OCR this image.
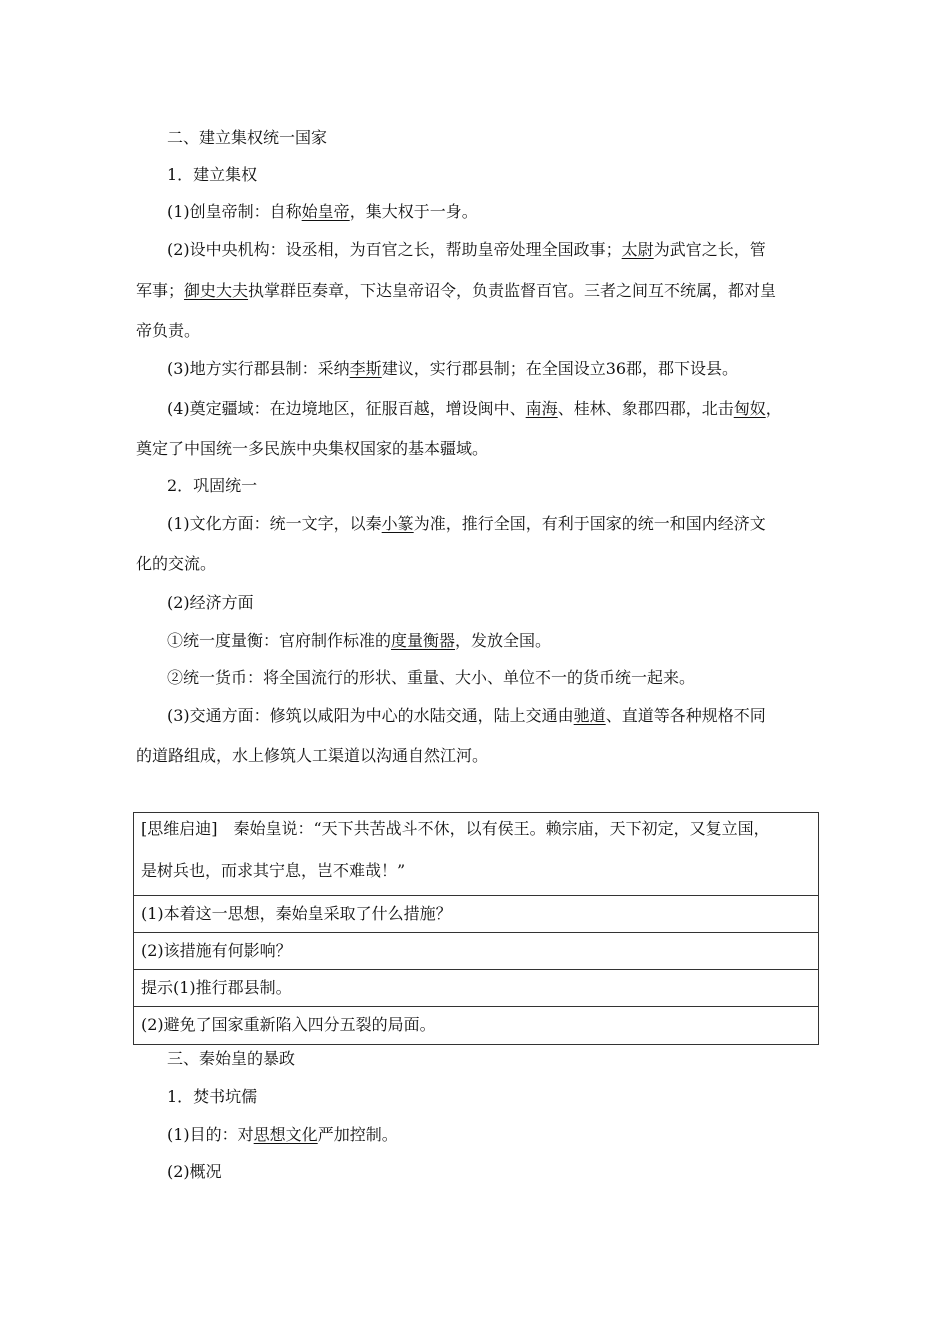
二、建立集权统一国家
1．建立集权
(1)创皇帝制：自称始皇帝，集大权于一身。
(2)设中央机构：设丞相，为百官之长，帮助皇帝处理全国政事；太尉为武官之长，管
军事；御史大夫执掌群臣奏章，下达皇帝诏令，负责监督百官。三者之间互不统属，都对皇
帝负责。
(3)地方实行郡县制：采纳李斯建议，实行郡县制；在全国设立36郡，郡下设县。
(4)奠定疆域：在边境地区，征服百越，增设闽中、南海、桂林、象郡四郡，北击匈奴，
奠定了中国统一多民族中央集权国家的基本疆域。
2．巩固统一
(1)文化方面：统一文字，以秦小篆为准，推行全国，有利于国家的统一和国内经济文
化的交流。
(2)经济方面
①统一度量衡：官府制作标准的度量衡器，发放全国。
②统一货币：将全国流行的形状、重量、大小、单位不一的货币统一起来。
(3)交通方面：修筑以咸阳为中心的水陆交通，陆上交通由驰道、直道等各种规格不同
的道路组成，水上修筑人工渠道以沟通自然江河。
[思维启迪]　秦始皇说：“天下共苦战斗不休，以有侯王。赖宗庙，天下初定，又复立国，
是树兵也，而求其宁息，岂不难哉！”
(1)本着这一思想，秦始皇采取了什么措施？
(2)该措施有何影响？
提示(1)推行郡县制。
(2)避免了国家重新陷入四分五裂的局面。
三、秦始皇的暴政
1．焚书坑儒
(1)目的：对思想文化严加控制。
(2)概况
